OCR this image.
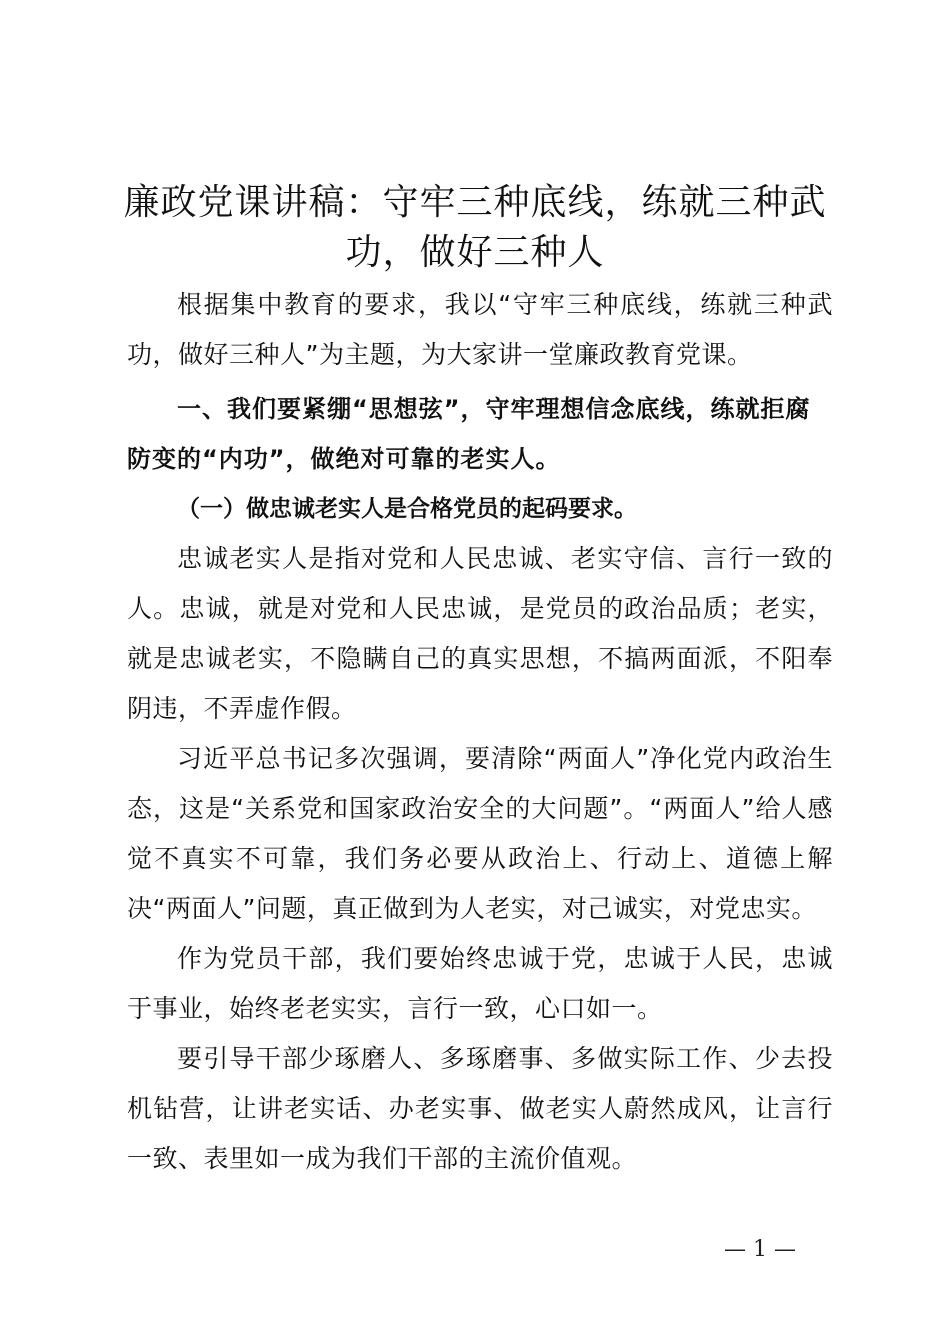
廉政党课讲稿：守牢三种底线，练就三种武功，做好三种人

根据集中教育的要求，我以“守牢三种底线，练就三种武功，做好三种人”为主题，为大家讲一堂廉政教育党课。

一、我们要紧绷“思想弦”，守牢理想信念底线，练就拒腐防变的“内功”，做绝对可靠的老实人。

（一）做忠诚老实人是合格党员的起码要求。

忠诚老实人是指对党和人民忠诚、老实守信、言行一致的人。忠诚，就是对党和人民忠诚，是党员的政治品质；老实，就是忠诚老实，不隐瞒自己的真实思想，不搞两面派，不阳奉阴违，不弄虚作假。

习近平总书记多次强调，要清除“两面人”净化党内政治生态，这是“关系党和国家政治安全的大问题”。“两面人”给人感觉不真实不可靠，我们务必要从政治上、行动上、道德上解决“两面人”问题，真正做到为人老实，对己诚实，对党忠实。

作为党员干部，我们要始终忠诚于党，忠诚于人民，忠诚于事业，始终老老实实，言行一致，心口如一。

要引导干部少琢磨人、多琢磨事、多做实际工作、少去投机钻营，让讲老实话、办老实事、做老实人蔚然成风，让言行一致、表里如一成为我们干部的主流价值观。

— 1 —
